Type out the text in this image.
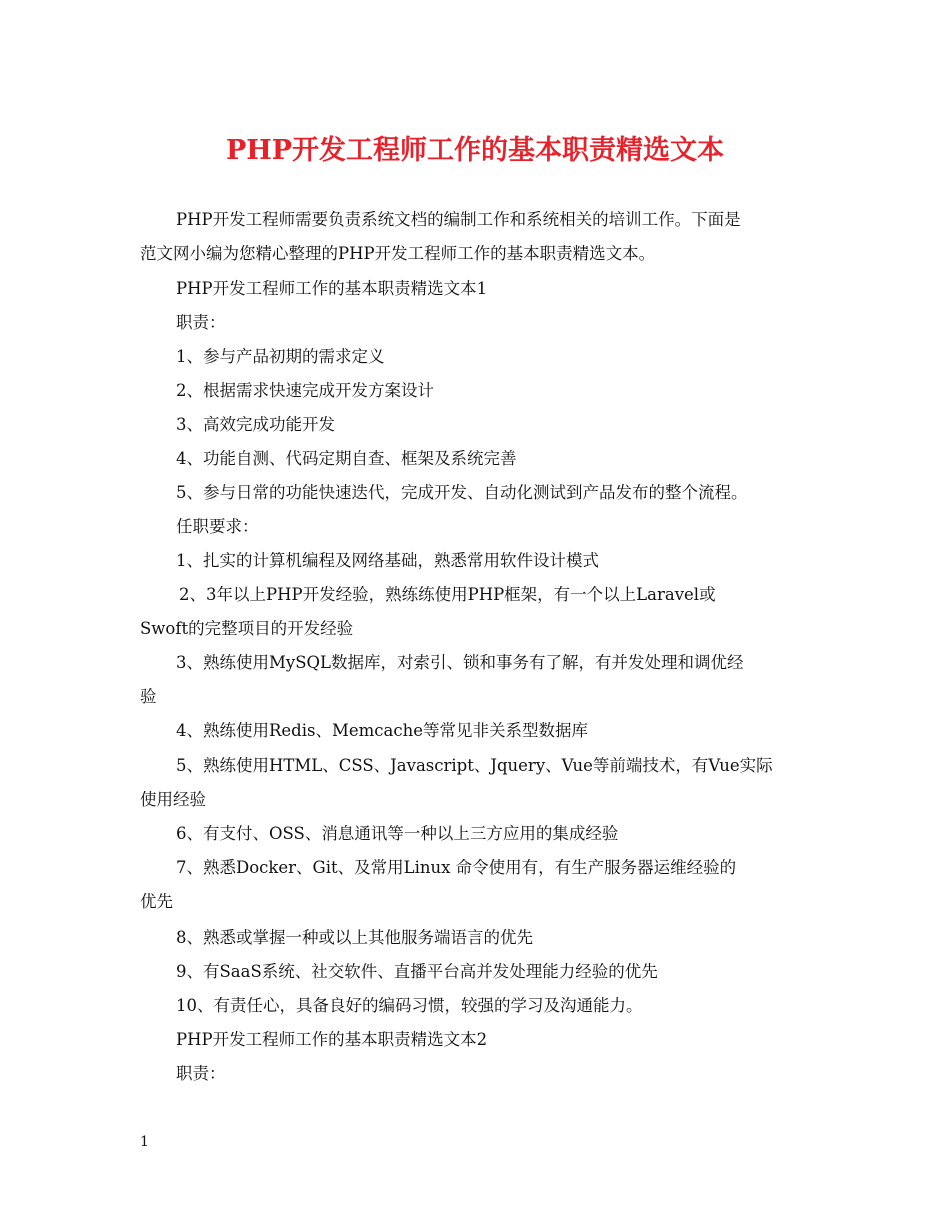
PHP开发工程师工作的基本职责精选文本
PHP开发工程师需要负责系统文档的编制工作和系统相关的培训工作。下面是
范文网小编为您精心整理的PHP开发工程师工作的基本职责精选文本。
PHP开发工程师工作的基本职责精选文本1
职责：
1、参与产品初期的需求定义
2、根据需求快速完成开发方案设计
3、高效完成功能开发
4、功能自测、代码定期自查、框架及系统完善
5、参与日常的功能快速迭代，完成开发、自动化测试到产品发布的整个流程。
任职要求：
1、扎实的计算机编程及网络基础，熟悉常用软件设计模式
2、3年以上PHP开发经验，熟练练使用PHP框架，有一个以上Laravel或
Swoft的完整项目的开发经验
3、熟练使用MySQL数据库，对索引、锁和事务有了解，有并发处理和调优经
验
4、熟练使用Redis、Memcache等常见非关系型数据库
5、熟练使用HTML、CSS、Javascript、Jquery、Vue等前端技术，有Vue实际
使用经验
6、有支付、OSS、消息通讯等一种以上三方应用的集成经验
7、熟悉Docker、Git、及常用Linux 命令使用有，有生产服务器运维经验的
优先
8、熟悉或掌握一种或以上其他服务端语言的优先
9、有SaaS系统、社交软件、直播平台高并发处理能力经验的优先
10、有责任心，具备良好的编码习惯，较强的学习及沟通能力。
PHP开发工程师工作的基本职责精选文本2
职责：
1
